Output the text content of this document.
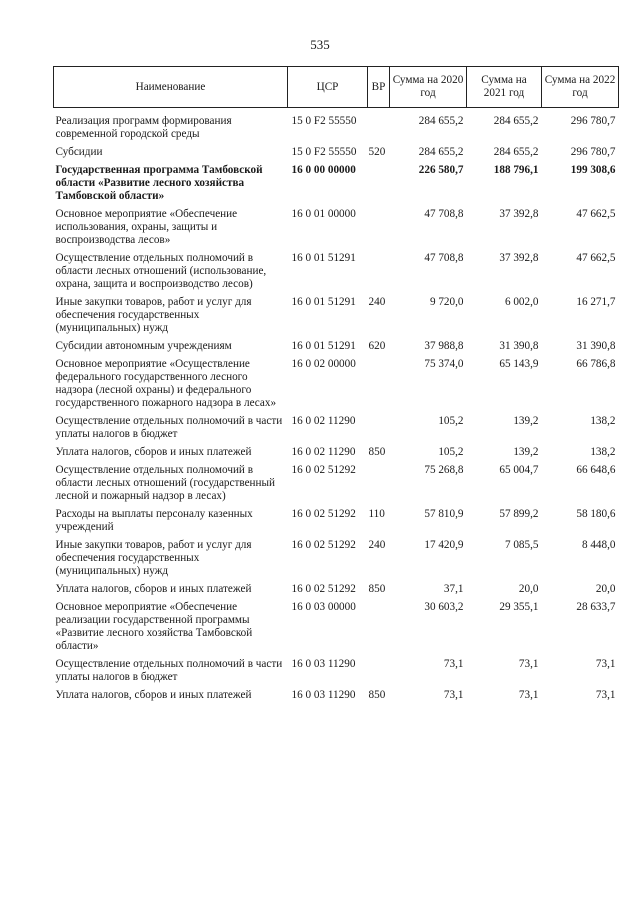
535
Наименование	ЦСР	ВР	Сумма на 2020 год	Сумма на 2021 год	Сумма на 2022 год
Реализация программ формирования современной городской среды	15 0 F2 55550		284 655,2	284 655,2	296 780,7
Субсидии	15 0 F2 55550	520	284 655,2	284 655,2	296 780,7
Государственная программа Тамбовской области «Развитие лесного хозяйства Тамбовской области»	16 0 00 00000		226 580,7	188 796,1	199 308,6
Основное мероприятие «Обеспечение использования, охраны, защиты и воспроизводства лесов»	16 0 01 00000		47 708,8	37 392,8	47 662,5
Осуществление отдельных полномочий в области лесных отношений (использование, охрана, защита и воспроизводство лесов)	16 0 01 51291		47 708,8	37 392,8	47 662,5
Иные закупки товаров, работ и услуг для обеспечения государственных (муниципальных) нужд	16 0 01 51291	240	9 720,0	6 002,0	16 271,7
Субсидии автономным учреждениям	16 0 01 51291	620	37 988,8	31 390,8	31 390,8
Основное мероприятие «Осуществление федерального государственного лесного надзора (лесной охраны) и федерального государственного пожарного надзора в лесах»	16 0 02 00000		75 374,0	65 143,9	66 786,8
Осуществление отдельных полномочий в части уплаты налогов в бюджет	16 0 02 11290		105,2	139,2	138,2
Уплата налогов, сборов и иных платежей	16 0 02 11290	850	105,2	139,2	138,2
Осуществление отдельных полномочий в области лесных отношений (государственный лесной и пожарный надзор в лесах)	16 0 02 51292		75 268,8	65 004,7	66 648,6
Расходы на выплаты персоналу казенных учреждений	16 0 02 51292	110	57 810,9	57 899,2	58 180,6
Иные закупки товаров, работ и услуг для обеспечения государственных (муниципальных) нужд	16 0 02 51292	240	17 420,9	7 085,5	8 448,0
Уплата налогов, сборов и иных платежей	16 0 02 51292	850	37,1	20,0	20,0
Основное мероприятие «Обеспечение реализации государственной программы «Развитие лесного хозяйства Тамбовской области»	16 0 03 00000		30 603,2	29 355,1	28 633,7
Осуществление отдельных полномочий в части уплаты налогов в бюджет	16 0 03 11290		73,1	73,1	73,1
Уплата налогов, сборов и иных платежей	16 0 03 11290	850	73,1	73,1	73,1
